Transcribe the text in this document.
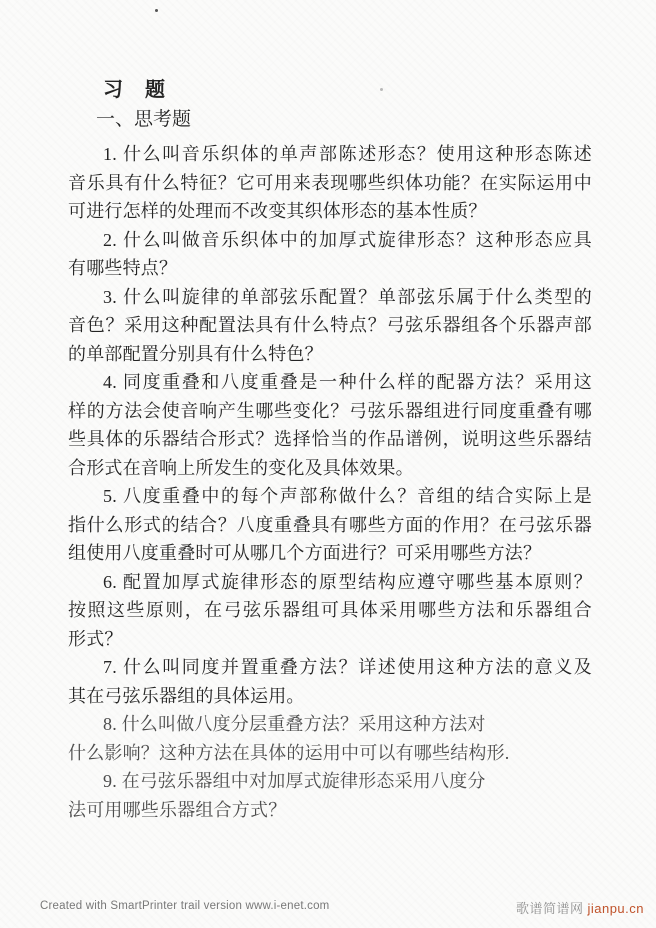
习　题
一、思考题
1. 什么叫音乐织体的单声部陈述形态？使用这种形态陈述
音乐具有什么特征？它可用来表现哪些织体功能？在实际运用中
可进行怎样的处理而不改变其织体形态的基本性质？
2. 什么叫做音乐织体中的加厚式旋律形态？这种形态应具
有哪些特点？
3. 什么叫旋律的单部弦乐配置？单部弦乐属于什么类型的
音色？采用这种配置法具有什么特点？弓弦乐器组各个乐器声部
的单部配置分别具有什么特色？
4. 同度重叠和八度重叠是一种什么样的配器方法？采用这
样的方法会使音响产生哪些变化？弓弦乐器组进行同度重叠有哪
些具体的乐器结合形式？选择恰当的作品谱例，说明这些乐器结
合形式在音响上所发生的变化及具体效果。
5. 八度重叠中的每个声部称做什么？音组的结合实际上是
指什么形式的结合？八度重叠具有哪些方面的作用？在弓弦乐器
组使用八度重叠时可从哪几个方面进行？可采用哪些方法？
6. 配置加厚式旋律形态的原型结构应遵守哪些基本原则？
按照这些原则，在弓弦乐器组可具体采用哪些方法和乐器组合
形式？
7. 什么叫同度并置重叠方法？详述使用这种方法的意义及
其在弓弦乐器组的具体运用。
8. 什么叫做八度分层重叠方法？采用这种方法对
什么影响？这种方法在具体的运用中可以有哪些结构形.
9. 在弓弦乐器组中对加厚式旋律形态采用八度分
法可用哪些乐器组合方式？
Created with SmartPrinter trail version www.i-enet.com	歌谱简谱网 jianpu.cn
